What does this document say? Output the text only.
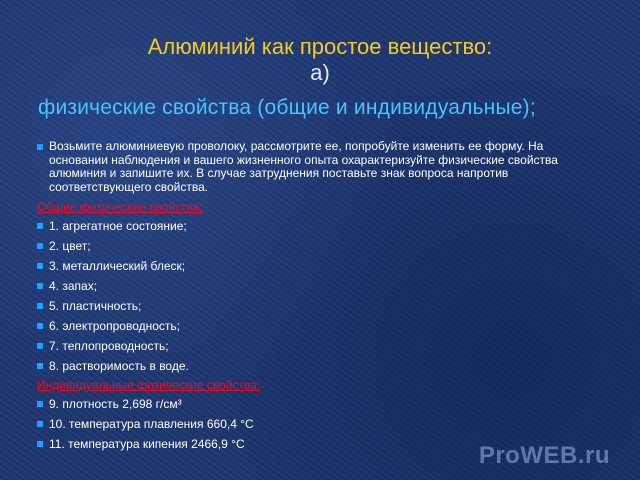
Алюминий как простое вещество:
а)
физические свойства (общие и индивидуальные);
Возьмите алюминиевую проволоку, рассмотрите ее, попробуйте изменить ее форму. На основании наблюдения и вашего жизненного опыта охарактеризуйте физические свойства алюминия и запишите их. В случае затруднения поставьте знак вопроса напротив соответствующего свойства.
Общие физические свойства:
1. агрегатное состояние;
2. цвет;
3. металлический блеск;
4. запах;
5. пластичность;
6. электропроводность;
7. теплопроводность;
8. растворимость в воде.
Индивидуальные физические свойства:
9. плотность 2,698 г/см³
10. температура плавления 660,4 °C
11. температура кипения 2466,9 °C	ProWEB.ru
